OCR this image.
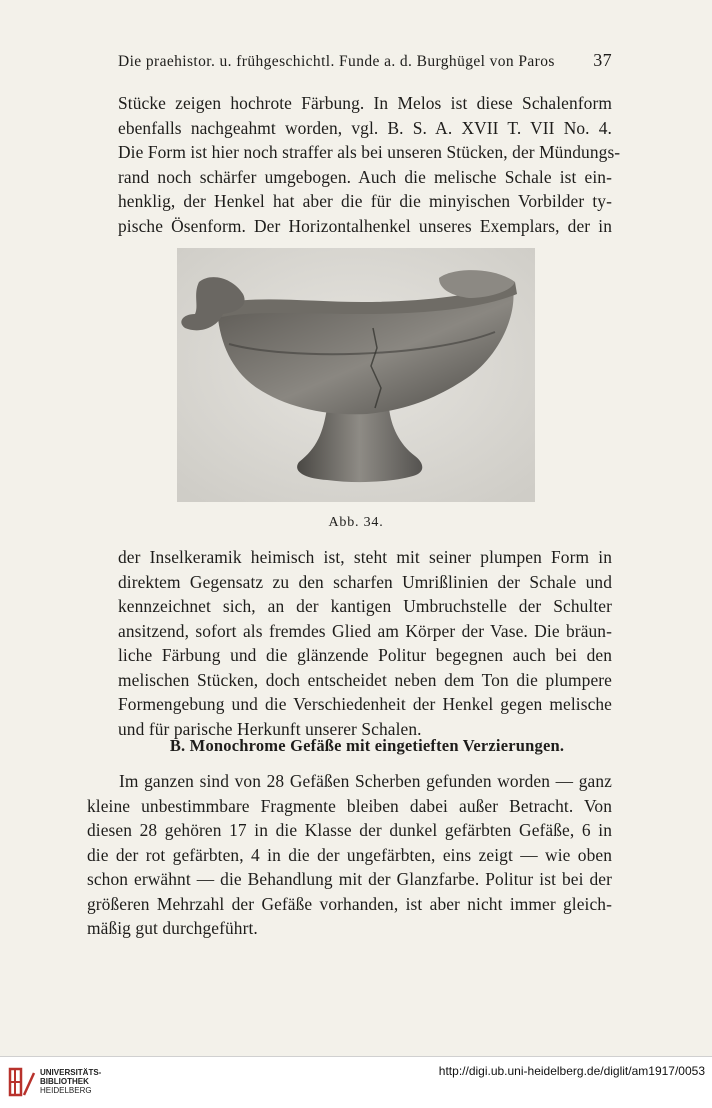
Die praehistor. u. frühgeschichtl. Funde a. d. Burghügel von Paros 37

Stücke zeigen hochrote Färbung. In Melos ist diese Schalenform
ebenfalls nachgeahmt worden, vgl. B. S. A. XVII T. VII No. 4.
Die Form ist hier noch straffer als bei unseren Stücken, der Mündungs-
rand noch schärfer umgebogen. Auch die melische Schale ist ein-
henklig, der Henkel hat aber die für die minyischen Vorbilder ty-
pische Ösenform. Der Horizontalhenkel unseres Exemplars, der in

Abb. 34.

der Inselkeramik heimisch ist, steht mit seiner plumpen Form in
direktem Gegensatz zu den scharfen Umrißlinien der Schale und
kennzeichnet sich, an der kantigen Umbruchstelle der Schulter
ansitzend, sofort als fremdes Glied am Körper der Vase. Die bräun-
liche Färbung und die glänzende Politur begegnen auch bei den
melischen Stücken, doch entscheidet neben dem Ton die plumpere
Formengebung und die Verschiedenheit der Henkel gegen melische
und für parische Herkunft unserer Schalen.

B. Monochrome Gefäße mit eingetieften Verzierungen.

Im ganzen sind von 28 Gefäßen Scherben gefunden worden — ganz
kleine unbestimmbare Fragmente bleiben dabei außer Betracht. Von
diesen 28 gehören 17 in die Klasse der dunkel gefärbten Gefäße, 6 in
die der rot gefärbten, 4 in die der ungefärbten, eins zeigt — wie oben
schon erwähnt — die Behandlung mit der Glanzfarbe. Politur ist bei der
größeren Mehrzahl der Gefäße vorhanden, ist aber nicht immer gleich-
mäßig gut durchgeführt.

UNIVERSITÄTS-
BIBLIOTHEK
HEIDELBERG
http://digi.ub.uni-heidelberg.de/diglit/am1917/0053
